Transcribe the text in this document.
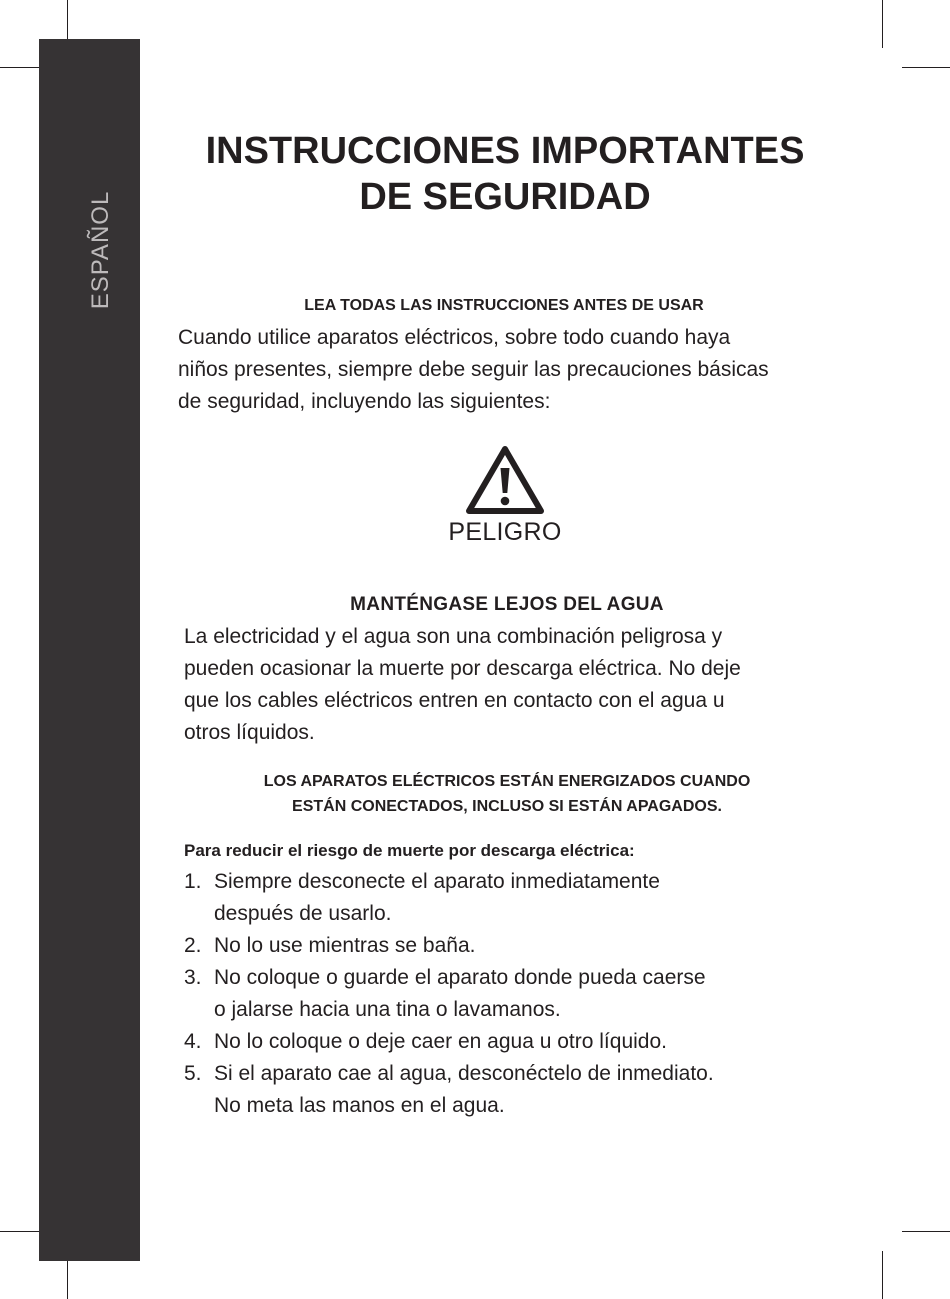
ESPAÑOL
INSTRUCCIONES IMPORTANTES
DE SEGURIDAD
LEA TODAS LAS INSTRUCCIONES ANTES DE USAR
Cuando utilice aparatos eléctricos, sobre todo cuando haya
niños presentes, siempre debe seguir las precauciones básicas
de seguridad, incluyendo las siguientes:
PELIGRO
MANTÉNGASE LEJOS DEL AGUA
La electricidad y el agua son una combinación peligrosa y
pueden ocasionar la muerte por descarga eléctrica. No deje
que los cables eléctricos entren en contacto con el agua u
otros líquidos.
LOS APARATOS ELÉCTRICOS ESTÁN ENERGIZADOS CUANDO
ESTÁN CONECTADOS, INCLUSO SI ESTÁN APAGADOS.
Para reducir el riesgo de muerte por descarga eléctrica:
1. Siempre desconecte el aparato inmediatamente
después de usarlo.
2. No lo use mientras se baña.
3. No coloque o guarde el aparato donde pueda caerse
o jalarse hacia una tina o lavamanos.
4. No lo coloque o deje caer en agua u otro líquido.
5. Si el aparato cae al agua, desconéctelo de inmediato.
No meta las manos en el agua.
